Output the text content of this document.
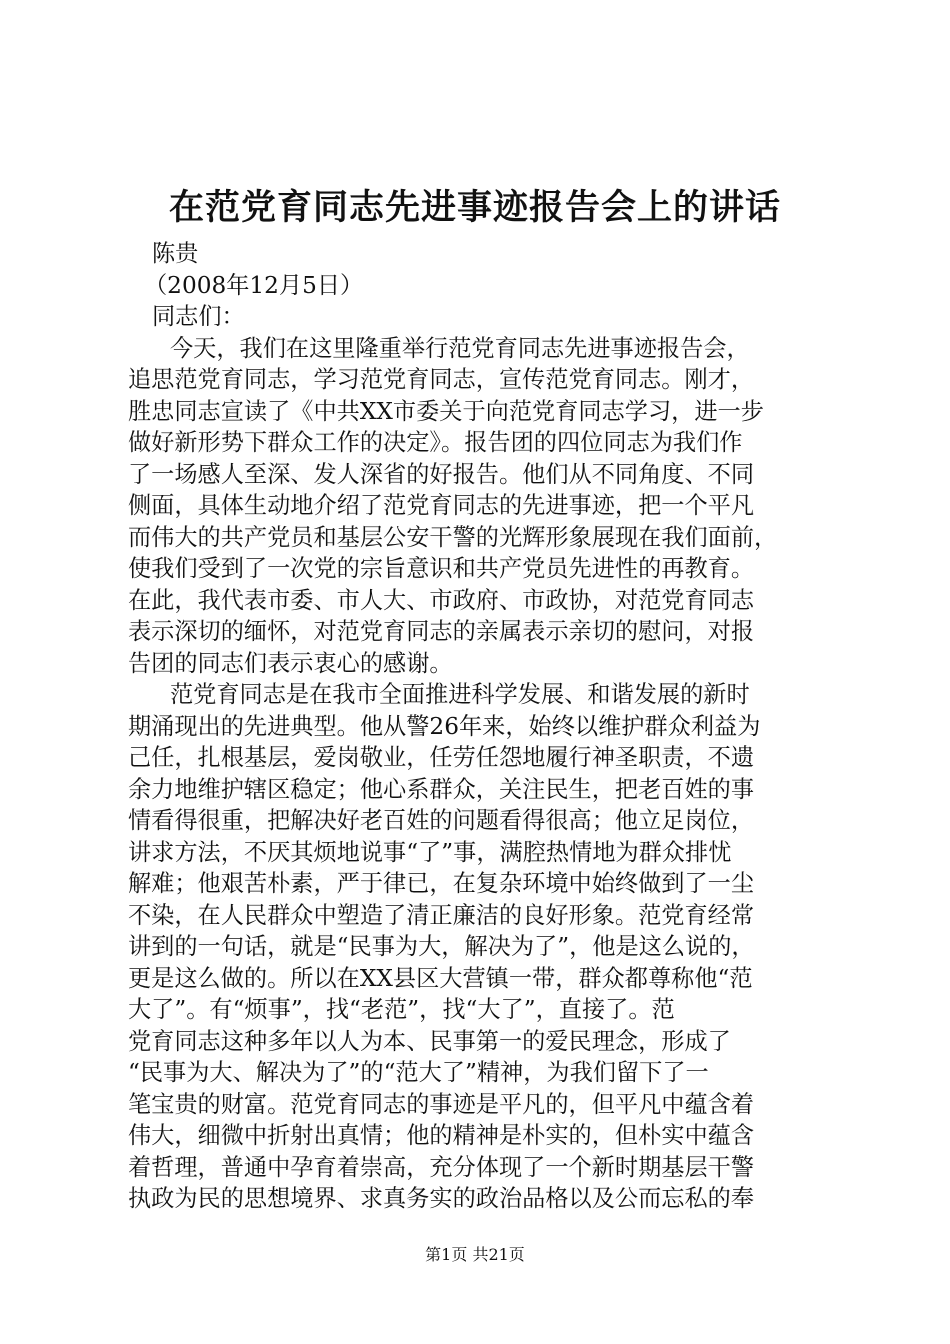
在范党育同志先进事迹报告会上的讲话
陈贵
（2008年12月5日）
同志们：
今天，我们在这里隆重举行范党育同志先进事迹报告会，
追思范党育同志，学习范党育同志，宣传范党育同志。刚才，
胜忠同志宣读了《中共XX市委关于向范党育同志学习，进一步
做好新形势下群众工作的决定》。报告团的四位同志为我们作
了一场感人至深、发人深省的好报告。他们从不同角度、不同
侧面，具体生动地介绍了范党育同志的先进事迹，把一个平凡
而伟大的共产党员和基层公安干警的光辉形象展现在我们面前，
使我们受到了一次党的宗旨意识和共产党员先进性的再教育。
在此，我代表市委、市人大、市政府、市政协，对范党育同志
表示深切的缅怀，对范党育同志的亲属表示亲切的慰问，对报
告团的同志们表示衷心的感谢。
范党育同志是在我市全面推进科学发展、和谐发展的新时
期涌现出的先进典型。他从警26年来，始终以维护群众利益为
己任，扎根基层，爱岗敬业，任劳任怨地履行神圣职责，不遗
余力地维护辖区稳定；他心系群众，关注民生，把老百姓的事
情看得很重，把解决好老百姓的问题看得很高；他立足岗位，
讲求方法，不厌其烦地说事“了”事，满腔热情地为群众排忧
解难；他艰苦朴素，严于律已，在复杂环境中始终做到了一尘
不染，在人民群众中塑造了清正廉洁的良好形象。范党育经常
讲到的一句话，就是“民事为大，解决为了”，他是这么说的，
更是这么做的。所以在XX县区大营镇一带，群众都尊称他“范
大了”。有“烦事”，找“老范”，找“大了”，直接了。范
党育同志这种多年以人为本、民事第一的爱民理念，形成了
“民事为大、解决为了”的“范大了”精神，为我们留下了一
笔宝贵的财富。范党育同志的事迹是平凡的，但平凡中蕴含着
伟大，细微中折射出真情；他的精神是朴实的，但朴实中蕴含
着哲理，普通中孕育着崇高，充分体现了一个新时期基层干警
执政为民的思想境界、求真务实的政治品格以及公而忘私的奉
第1页 共21页
